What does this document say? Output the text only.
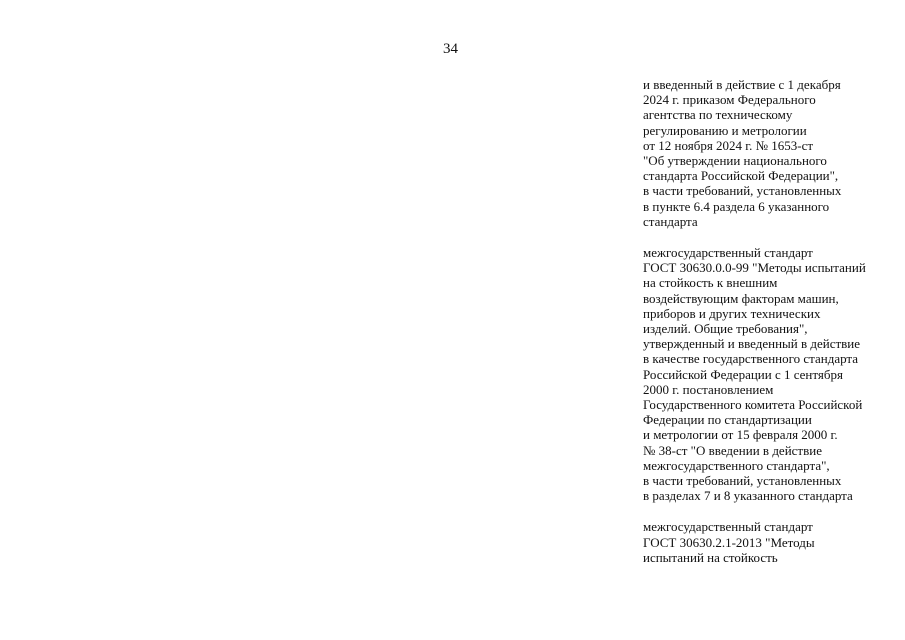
34
и введенный в действие с 1 декабря
2024 г. приказом Федерального
агентства по техническому
регулированию и метрологии
от 12 ноября 2024 г. № 1653-ст
"Об утверждении национального
стандарта Российской Федерации",
в части требований, установленных
в пункте 6.4 раздела 6 указанного
стандарта
межгосударственный стандарт
ГОСТ 30630.0.0-99 "Методы испытаний
на стойкость к внешним
воздействующим факторам машин,
приборов и других технических
изделий. Общие требования",
утвержденный и введенный в действие
в качестве государственного стандарта
Российской Федерации с 1 сентября
2000 г. постановлением
Государственного комитета Российской
Федерации по стандартизации
и метрологии от 15 февраля 2000 г.
№ 38-ст "О введении в действие
межгосударственного стандарта",
в части требований, установленных
в разделах 7 и 8 указанного стандарта
межгосударственный стандарт
ГОСТ 30630.2.1-2013 "Методы
испытаний на стойкость
